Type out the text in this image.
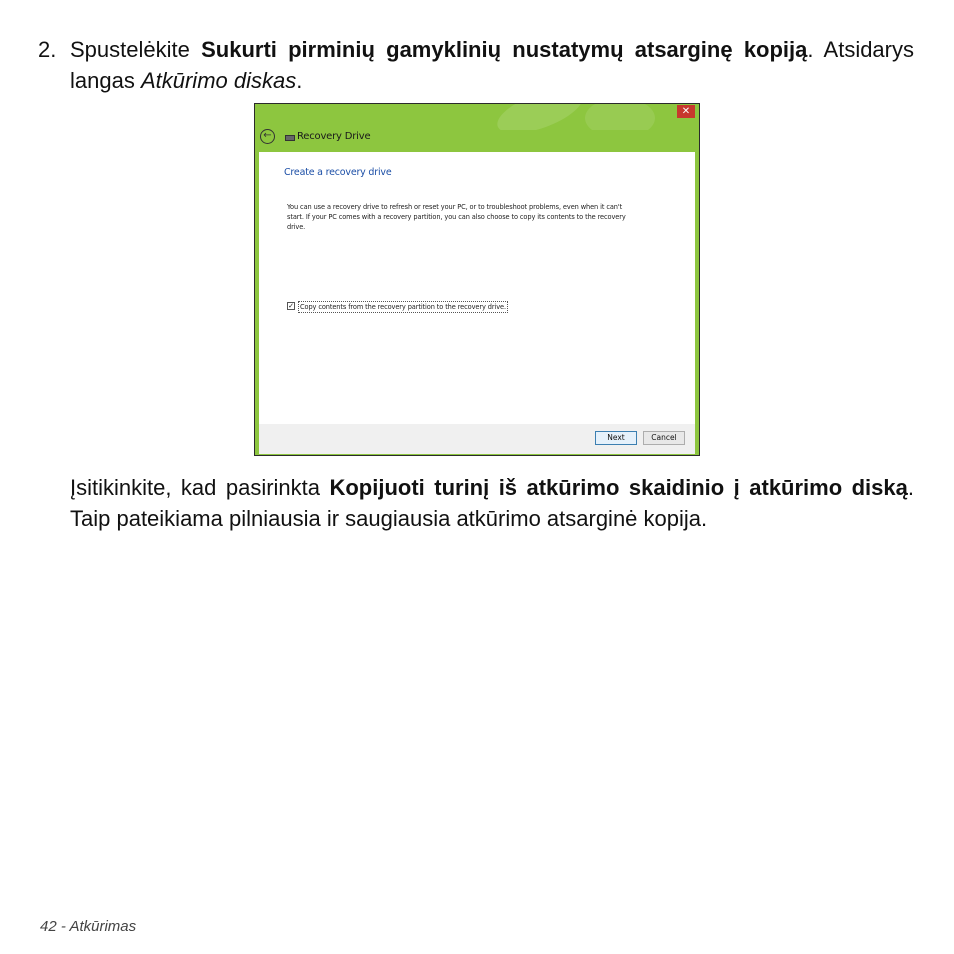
2. Spustelėkite Sukurti pirminių gamyklinių nustatymų atsarginę kopiją. Atsidarys langas Atkūrimo diskas.
✕
←	Recovery Drive
Create a recovery drive
You can use a recovery drive to refresh or reset your PC, or to troubleshoot problems, even when it can't start. If your PC comes with a recovery partition, you can also choose to copy its contents to the recovery drive.
✓ Copy contents from the recovery partition to the recovery drive.
Next	Cancel
Įsitikinkite, kad pasirinkta Kopijuoti turinį iš atkūrimo skaidinio į atkūrimo diską. Taip pateikiama pilniausia ir saugiausia atkūrimo atsarginė kopija.
42 - Atkūrimas
